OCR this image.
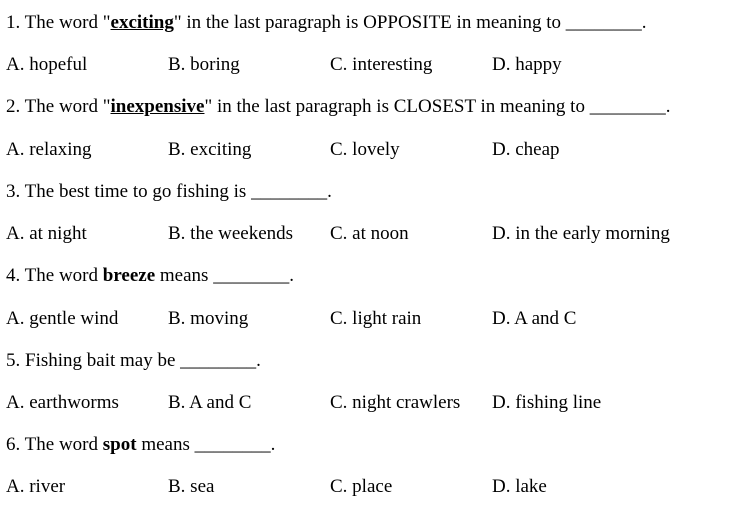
1. The word "exciting" in the last paragraph is OPPOSITE in meaning to ________.
A. hopeful	B. boring	C. interesting	D. happy
2. The word "inexpensive" in the last paragraph is CLOSEST in meaning to ________.
A. relaxing	B. exciting	C. lovely	D. cheap
3. The best time to go fishing is ________.
A. at night	B. the weekends C. at noon	D. in the early morning
4. The word breeze means ________.
A. gentle wind	B. moving	C. light rain	D. A and C
5. Fishing bait may be ________.
A. earthworms	B. A and C	C. night crawlers D. fishing line
6. The word spot means ________.
A. river	B. sea	C. place	D. lake
